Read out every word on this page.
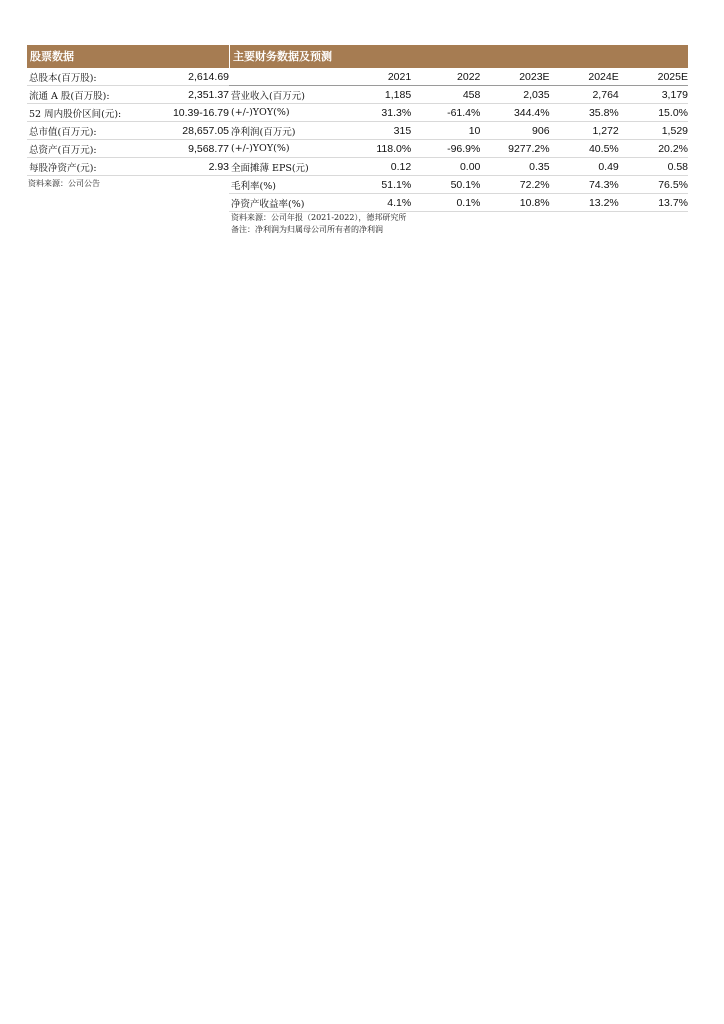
股票数据
总股本(百万股):	2,614.69
流通 A 股(百万股):	2,351.37
52 周内股价区间(元):	10.39-16.79
总市值(百万元):	28,657.05
总资产(百万元):	9,568.77
每股净资产(元):	2.93
资料来源：公司公告
主要财务数据及预测
	2021	2022	2023E	2024E	2025E
营业收入(百万元)	1,185	458	2,035	2,764	3,179
(+/-)YOY(%)	31.3%	-61.4%	344.4%	35.8%	15.0%
净利润(百万元)	315	10	906	1,272	1,529
(+/-)YOY(%)	118.0%	-96.9%	9277.2%	40.5%	20.2%
全面摊薄 EPS(元)	0.12	0.00	0.35	0.49	0.58
毛利率(%)	51.1%	50.1%	72.2%	74.3%	76.5%
净资产收益率(%)	4.1%	0.1%	10.8%	13.2%	13.7%
资料来源：公司年报（2021-2022），德邦研究所
备注：净利润为归属母公司所有者的净利润
